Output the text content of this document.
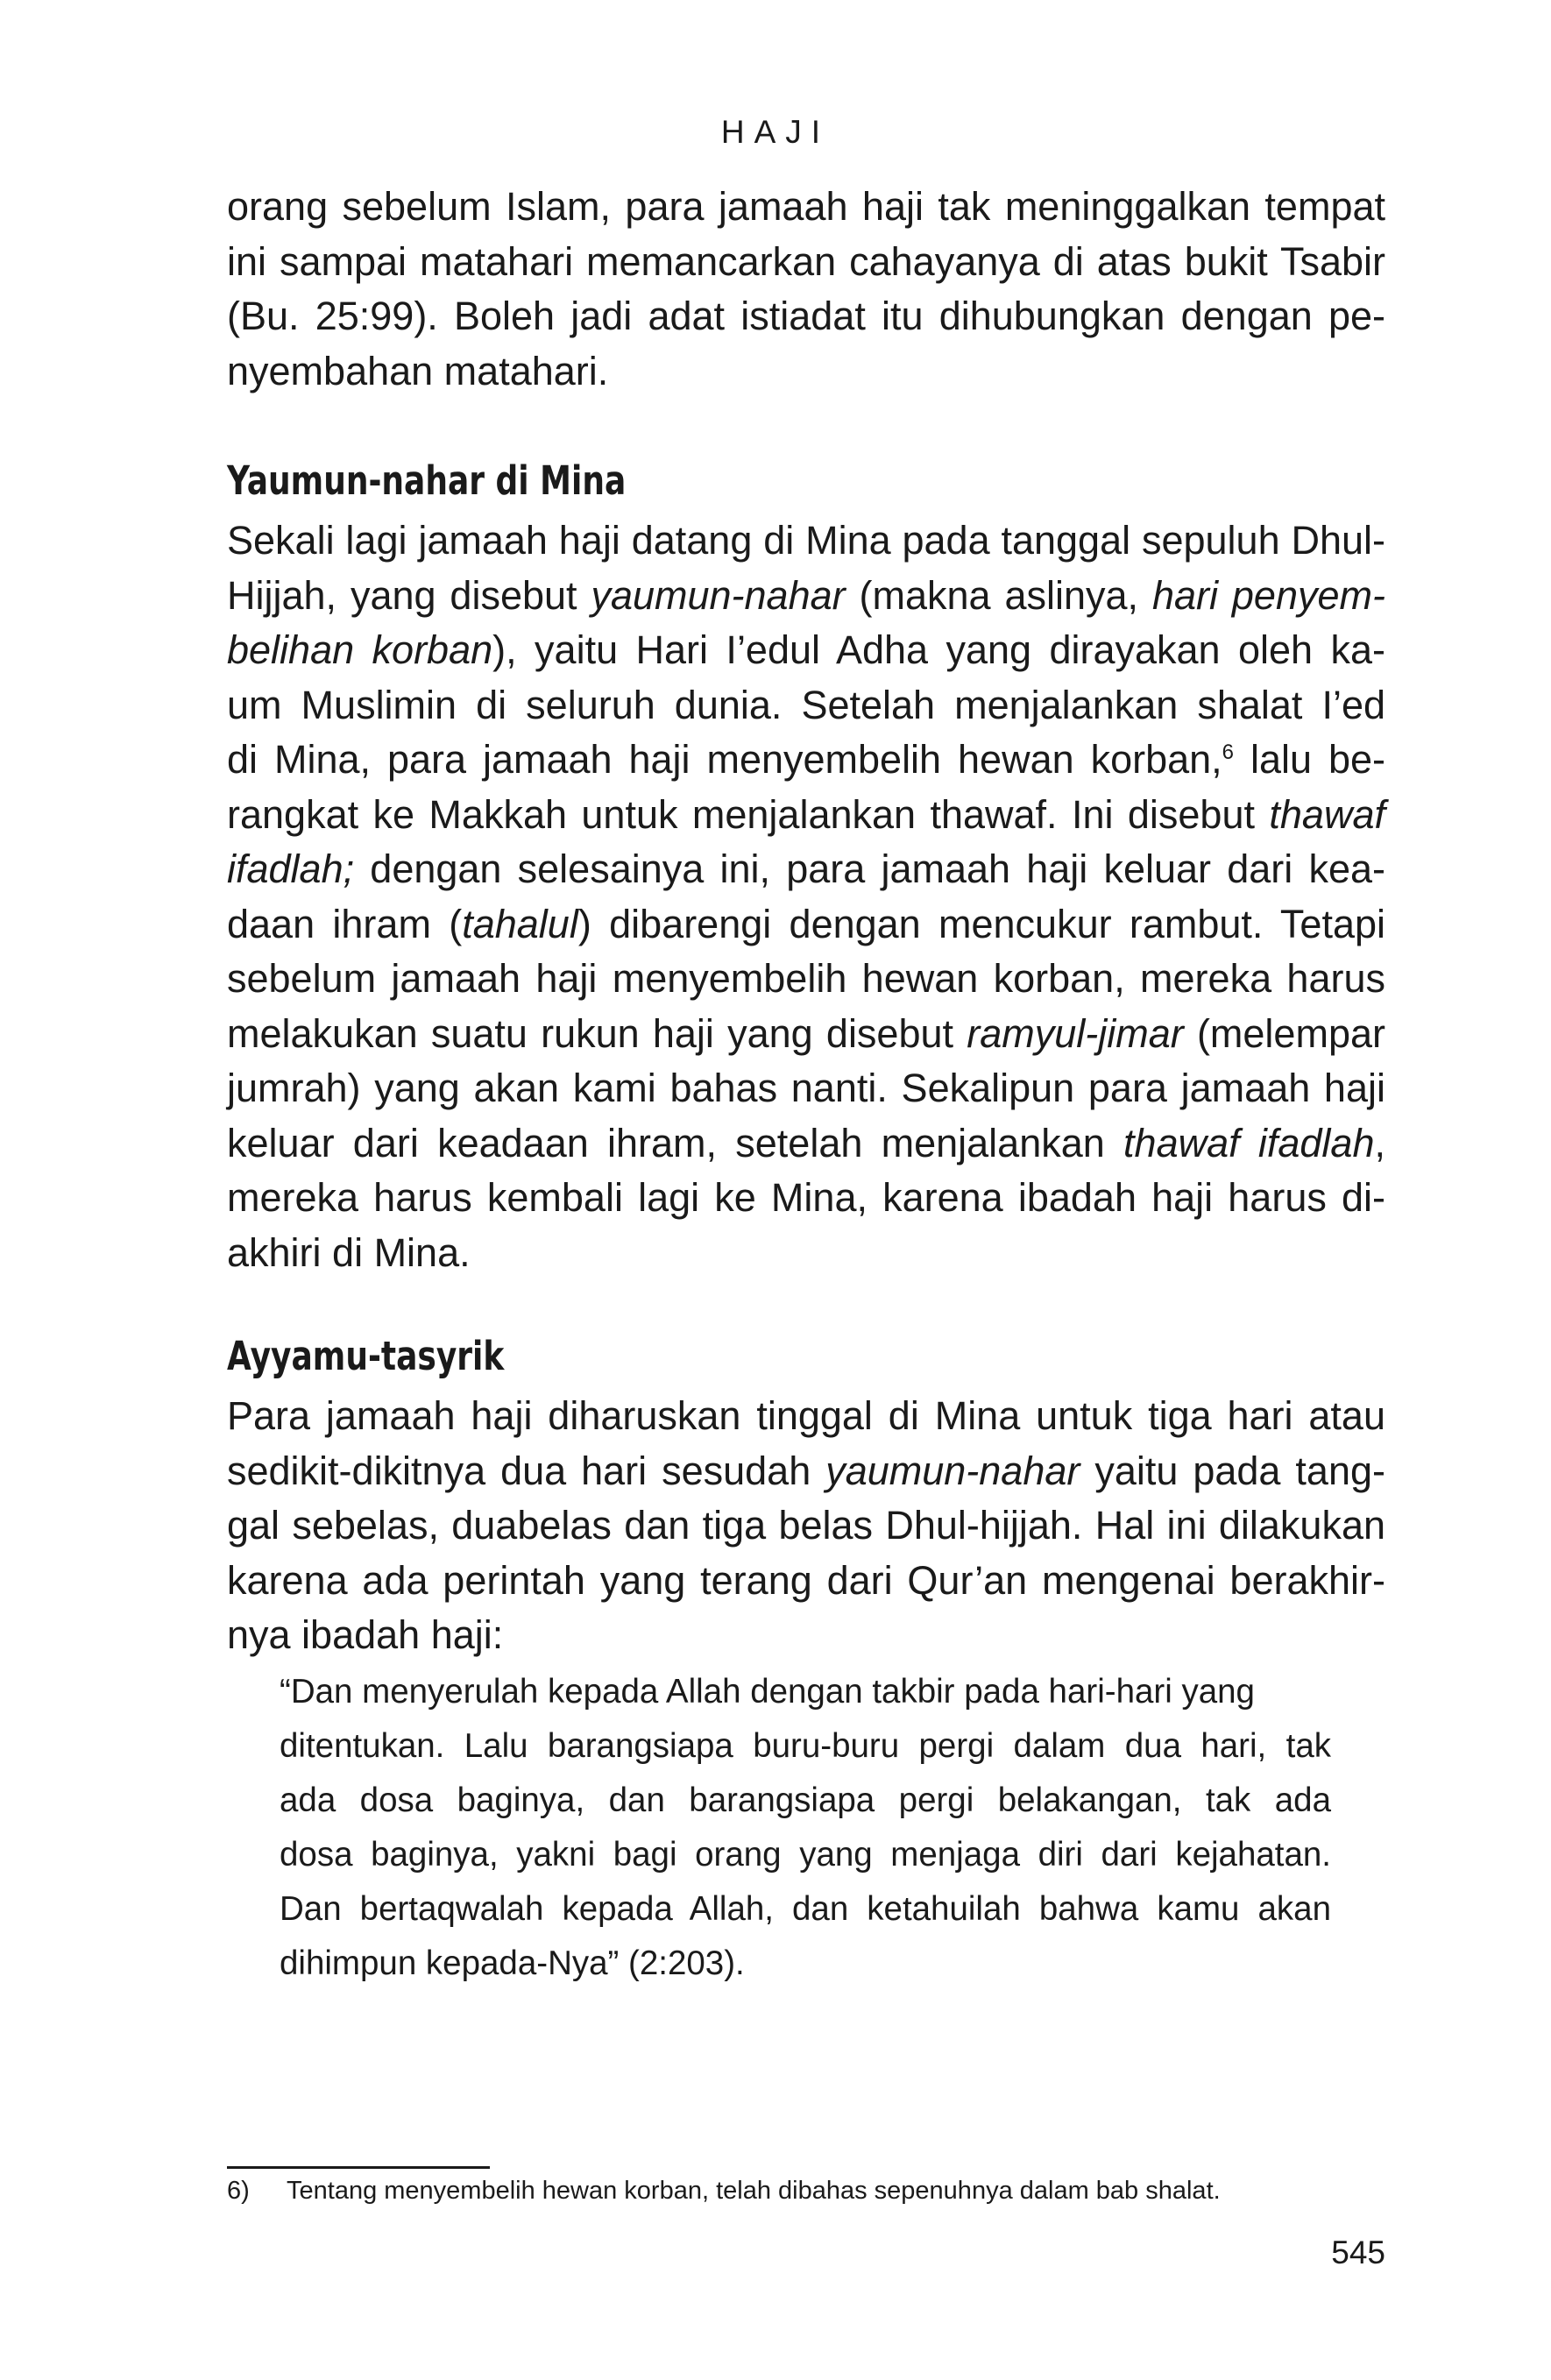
HAJI
orang sebelum Islam, para jamaah haji tak meninggalkan tempat
ini sampai matahari memancarkan cahayanya di atas bukit Tsabir
(Bu. 25:99). Boleh jadi adat istiadat itu dihubungkan dengan pe-
nyembahan matahari.
Yaumun-nahar di Mina
Sekali lagi jamaah haji datang di Mina pada tanggal sepuluh Dhul-
Hijjah, yang disebut yaumun-nahar (makna aslinya, hari penyem-
belihan korban), yaitu Hari I’edul Adha yang dirayakan oleh ka-
um Muslimin di seluruh dunia. Setelah menjalankan shalat I’ed
di Mina, para jamaah haji menyembelih hewan korban,$^6$ lalu be-
rangkat ke Makkah untuk menjalankan thawaf. Ini disebut thawaf
ifadlah; dengan selesainya ini, para jamaah haji keluar dari kea-
daan ihram (tahalul) dibarengi dengan mencukur rambut. Tetapi
sebelum jamaah haji menyembelih hewan korban, mereka harus
melakukan suatu rukun haji yang disebut ramyul-jimar (melempar
jumrah) yang akan kami bahas nanti. Sekalipun para jamaah haji
keluar dari keadaan ihram, setelah menjalankan thawaf ifadlah,
mereka harus kembali lagi ke Mina, karena ibadah haji harus di-
akhiri di Mina.
Ayyamu-tasyrik
Para jamaah haji diharuskan tinggal di Mina untuk tiga hari atau
sedikit-dikitnya dua hari sesudah yaumun-nahar yaitu pada tang-
gal sebelas, duabelas dan tiga belas Dhul-hijjah. Hal ini dilakukan
karena ada perintah yang terang dari Qur’an mengenai berakhir-
nya ibadah haji:
“Dan menyerulah kepada Allah dengan takbir pada hari-hari yang
ditentukan. Lalu barangsiapa buru-buru pergi dalam dua hari, tak
ada dosa baginya, dan barangsiapa pergi belakangan, tak ada
dosa baginya, yakni bagi orang yang menjaga diri dari kejahatan.
Dan bertaqwalah kepada Allah, dan ketahuilah bahwa kamu akan
dihimpun kepada-Nya” (2:203).
6) Tentang menyembelih hewan korban, telah dibahas sepenuhnya dalam bab shalat.
545
